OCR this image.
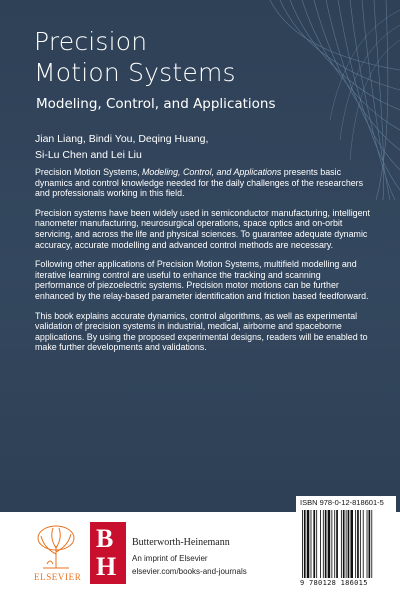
Precision
Motion Systems
Modeling, Control, and Applications
Jian Liang, Bindi You, Deqing Huang,
Si-Lu Chen and Lei Liu

Precision Motion Systems, Modeling, Control, and Applications presents basic dynamics and control knowledge needed for the daily challenges of the researchers and professionals working in this field.

Precision systems have been widely used in semiconductor manufacturing, intelligent nanometer manufacturing, neurosurgical operations, space optics and on-orbit servicing, and across the life and physical sciences. To guarantee adequate dynamic accuracy, accurate modelling and advanced control methods are necessary.

Following other applications of Precision Motion Systems, multifield modelling and iterative learning control are useful to enhance the tracking and scanning performance of piezoelectric systems. Precision motor motions can be further enhanced by the relay-based parameter identification and friction based feedforward.

This book explains accurate dynamics, control algorithms, as well as experimental validation of precision systems in industrial, medical, airborne and spaceborne applications. By using the proposed experimental designs, readers will be enabled to make further developments and validations.

ELSEVIER
B
H
Butterworth-Heinemann
An imprint of Elsevier
elsevier.com/books-and-journals
ISBN 978-0-12-818601-5
9 780128 186015
